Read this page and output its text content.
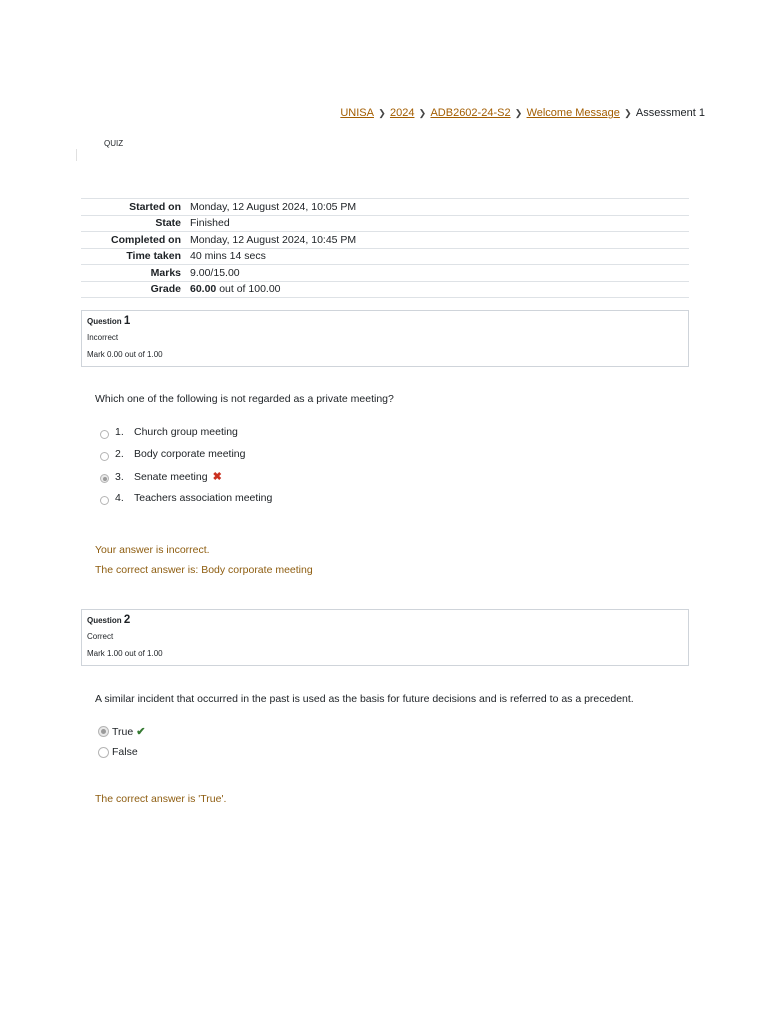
UNISA ❯ 2024 ❯ ADB2602-24-S2 ❯ Welcome Message ❯ Assessment 1
QUIZ
Started on	Monday, 12 August 2024, 10:05 PM
State	Finished
Completed on	Monday, 12 August 2024, 10:45 PM
Time taken	40 mins 14 secs
Marks	9.00/15.00
Grade	60.00 out of 100.00
Question 1
Incorrect
Mark 0.00 out of 1.00
Which one of the following is not regarded as a private meeting?
1. Church group meeting
2. Body corporate meeting
3. Senate meeting ✖
4. Teachers association meeting
Your answer is incorrect.
The correct answer is: Body corporate meeting
Question 2
Correct
Mark 1.00 out of 1.00
A similar incident that occurred in the past is used as the basis for future decisions and is referred to as a precedent.
True ✔
False
The correct answer is 'True'.
